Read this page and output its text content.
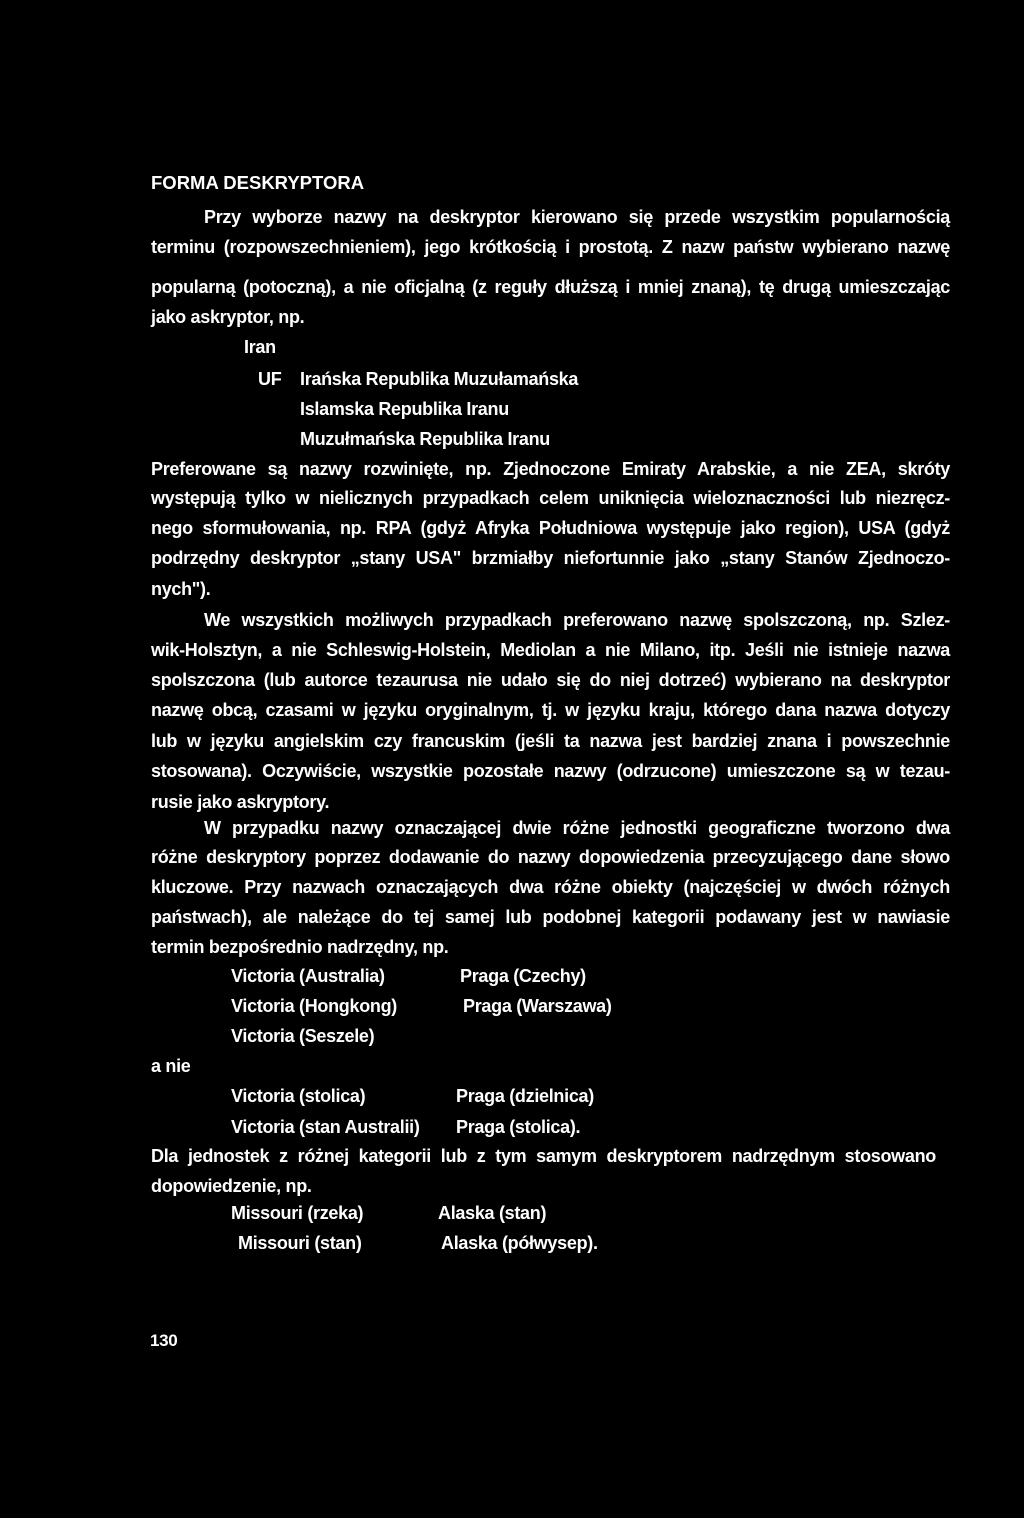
FORMA DESKRYPTORA
Przy wyborze nazwy na deskryptor kierowano się przede wszystkim popularnością
terminu (rozpowszechnieniem), jego krótkością i prostotą. Z nazw państw wybierano nazwę
popularną (potoczną), a nie oficjalną (z reguły dłuższą i mniej znaną), tę drugą umieszczając
jako askryptor, np.
Iran
UF Irańska Republika Muzułamańska
Islamska Republika Iranu
Muzułmańska Republika Iranu
Preferowane są nazwy rozwinięte, np. Zjednoczone Emiraty Arabskie, a nie ZEA, skróty
występują tylko w nielicznych przypadkach celem uniknięcia wieloznaczności lub niezręcz-
nego sformułowania, np. RPA (gdyż Afryka Południowa występuje jako region), USA (gdyż
podrzędny deskryptor „stany USA" brzmiałby niefortunnie jako „stany Stanów Zjednoczo-
nych").
We wszystkich możliwych przypadkach preferowano nazwę spolszczoną, np. Szlez-
wik-Holsztyn, a nie Schleswig-Holstein, Mediolan a nie Milano, itp. Jeśli nie istnieje nazwa
spolszczona (lub autorce tezaurusa nie udało się do niej dotrzeć) wybierano na deskryptor
nazwę obcą, czasami w języku oryginalnym, tj. w języku kraju, którego dana nazwa dotyczy
lub w języku angielskim czy francuskim (jeśli ta nazwa jest bardziej znana i powszechnie
stosowana). Oczywiście, wszystkie pozostałe nazwy (odrzucone) umieszczone są w tezau-
rusie jako askryptory.
W przypadku nazwy oznaczającej dwie różne jednostki geograficzne tworzono dwa
różne deskryptory poprzez dodawanie do nazwy dopowiedzenia przecyzującego dane słowo
kluczowe. Przy nazwach oznaczających dwa różne obiekty (najczęściej w dwóch różnych
państwach), ale należące do tej samej lub podobnej kategorii podawany jest w nawiasie
termin bezpośrednio nadrzędny, np.
Victoria (Australia)
Victoria (Hongkong)
Victoria (Seszele)
Praga (Czechy)
Praga (Warszawa)
a nie
Victoria (stolica)
Victoria (stan Australii)
Praga (dzielnica)
Praga (stolica).
Dla jednostek z różnej kategorii lub z tym samym deskryptorem nadrzędnym stosowano
dopowiedzenie, np.
Missouri (rzeka)
Missouri (stan)
Alaska (stan)
Alaska (półwysep).
130
